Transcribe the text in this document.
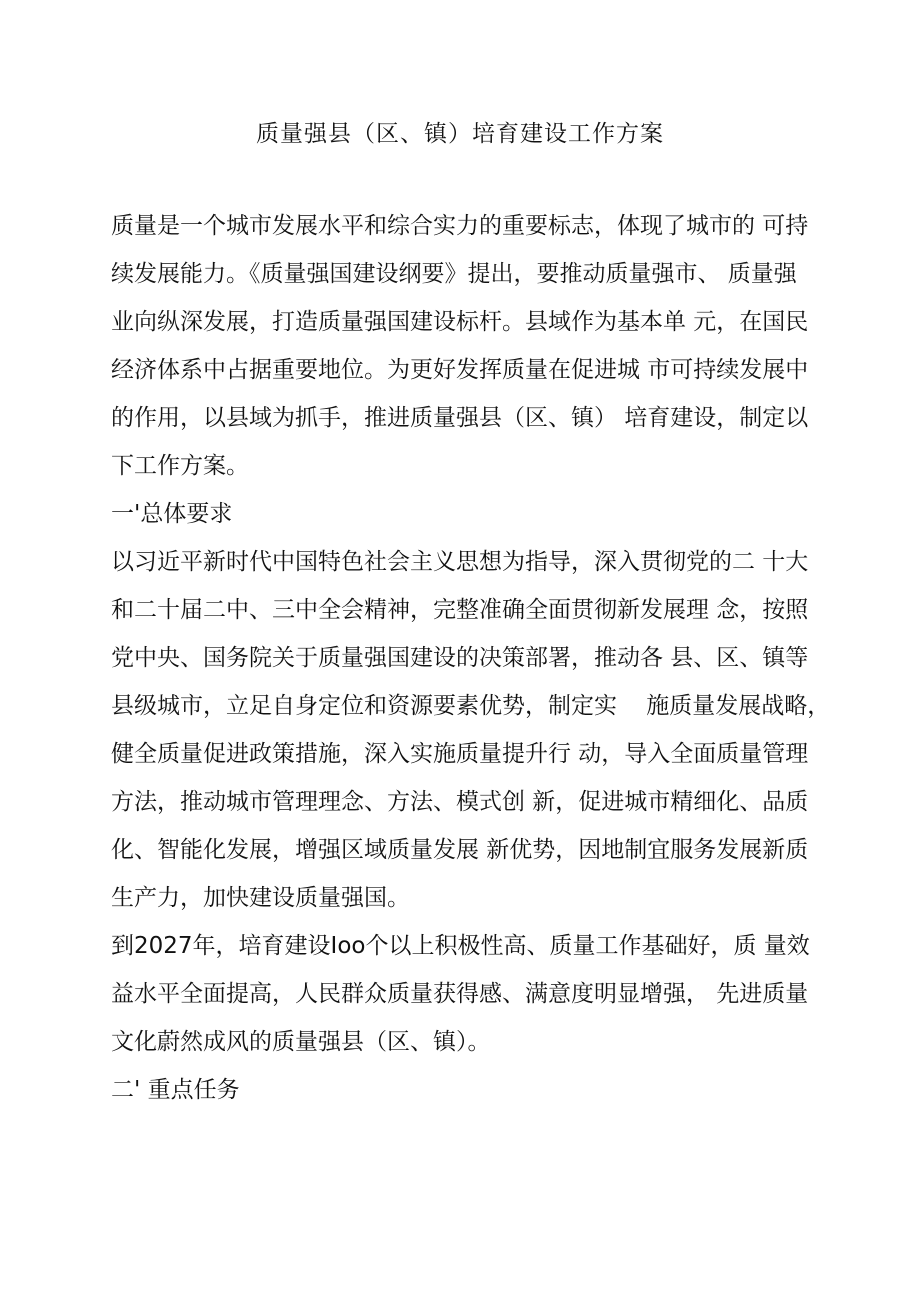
质量强县（区、镇）培育建设工作方案
质量是一个城市发展水平和综合实力的重要标志，体现了城市的 可持
续发展能力。《质量强国建设纲要》提出，要推动质量强市、 质量强
业向纵深发展，打造质量强国建设标杆。县域作为基本单 元，在国民
经济体系中占据重要地位。为更好发挥质量在促进城 市可持续发展中
的作用，以县域为抓手，推进质量强县（区、镇） 培育建设，制定以
下工作方案。
一'总体要求
以习近平新时代中国特色社会主义思想为指导，深入贯彻党的二 十大
和二十届二中、三中全会精神，完整准确全面贯彻新发展理 念，按照
党中央、国务院关于质量强国建设的决策部署，推动各 县、区、镇等
县级城市，立足自身定位和资源要素优势，制定实    施质量发展战略，
健全质量促进政策措施，深入实施质量提升行 动，导入全面质量管理
方法，推动城市管理理念、方法、模式创 新，促进城市精细化、品质
化、智能化发展，增强区域质量发展 新优势，因地制宜服务发展新质
生产力，加快建设质量强国。
到2027年，培育建设Ioo个以上积极性高、质量工作基础好，质 量效
益水平全面提高，人民群众质量获得感、满意度明显增强， 先进质量
文化蔚然成风的质量强县（区、镇）。
二' 重点任务
